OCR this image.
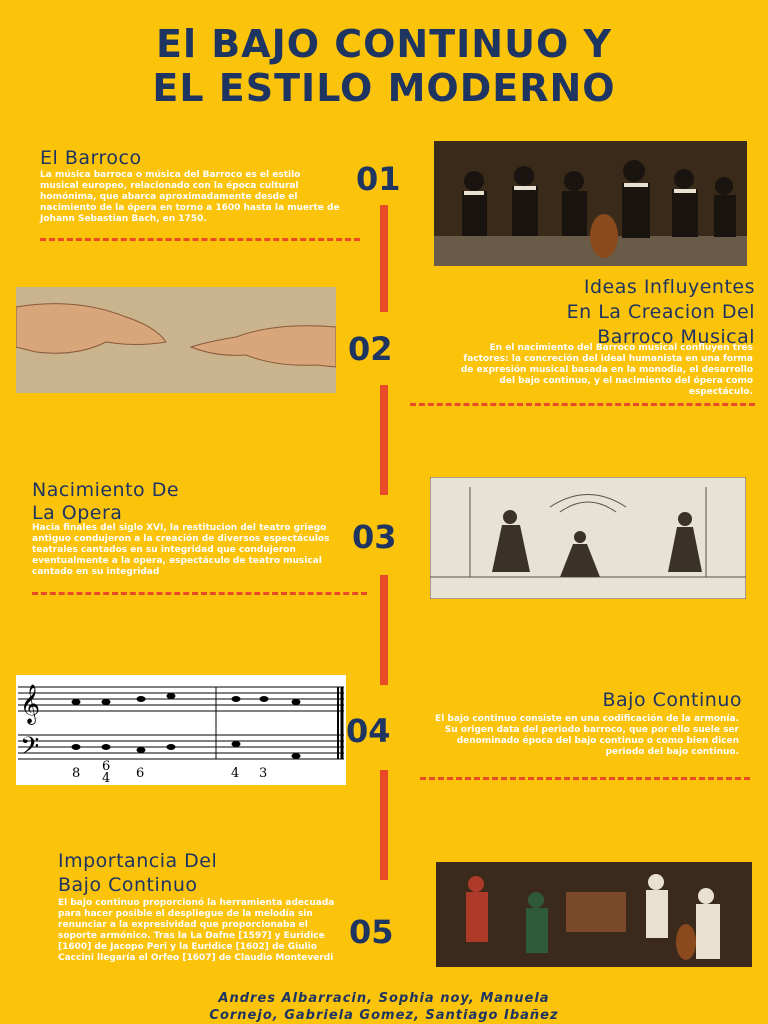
El BAJO CONTINUO Y
EL ESTILO MODERNO
El Barroco
La música barroca o música del Barroco es el estilo musical europeo, relacionado con la época cultural homónima, que abarca aproximadamente desde el nacimiento de la ópera en torno a 1600 hasta la muerte de Johann Sebastian Bach, en 1750.
01
Ideas Influyentes
En La Creacion Del
Barroco Musical
02	En el nacimiento del Barroco musical confluyen tres factores: la concreción del ideal humanista en una forma de expresión musical basada en la monodia, el desarrollo del bajo continuo, y el nacimiento del ópera como espectáculo.
Nacimiento De
La Opera
Hacia finales del siglo XVI, la restitucion del teatro griego antiguo condujeron a la creación de diversos espectáculos teatrales cantados en su integridad que condujeron eventualmente a la opera, espectáculo de teatro musical cantado en su integridad
03
𝄞
𝄢
8 6
4 6	4 3
04
Bajo Continuo
El bajo continuo consiste en una codificación de la armonía. Su origen data del periodo barroco, que por ello suele ser denominado época del bajo continuo o como bien dicen periodo del bajo continuo.
Importancia Del
Bajo Continuo
El bajo continuo proporcionó la herramienta adecuada para hacer posible el despliegue de la melodía sin renunciar a la expresividad que proporcionaba el soporte armónico. Tras la La Dafne [1597] y Euridice [1600] de Jacopo Peri y la Euridice [1602] de Giulio Caccini llegaría el Orfeo [1607] de Claudio Monteverdi
05
Andres Albarracin, Sophia noy, Manuela
Cornejo, Gabriela Gomez, Santiago Ibañez
